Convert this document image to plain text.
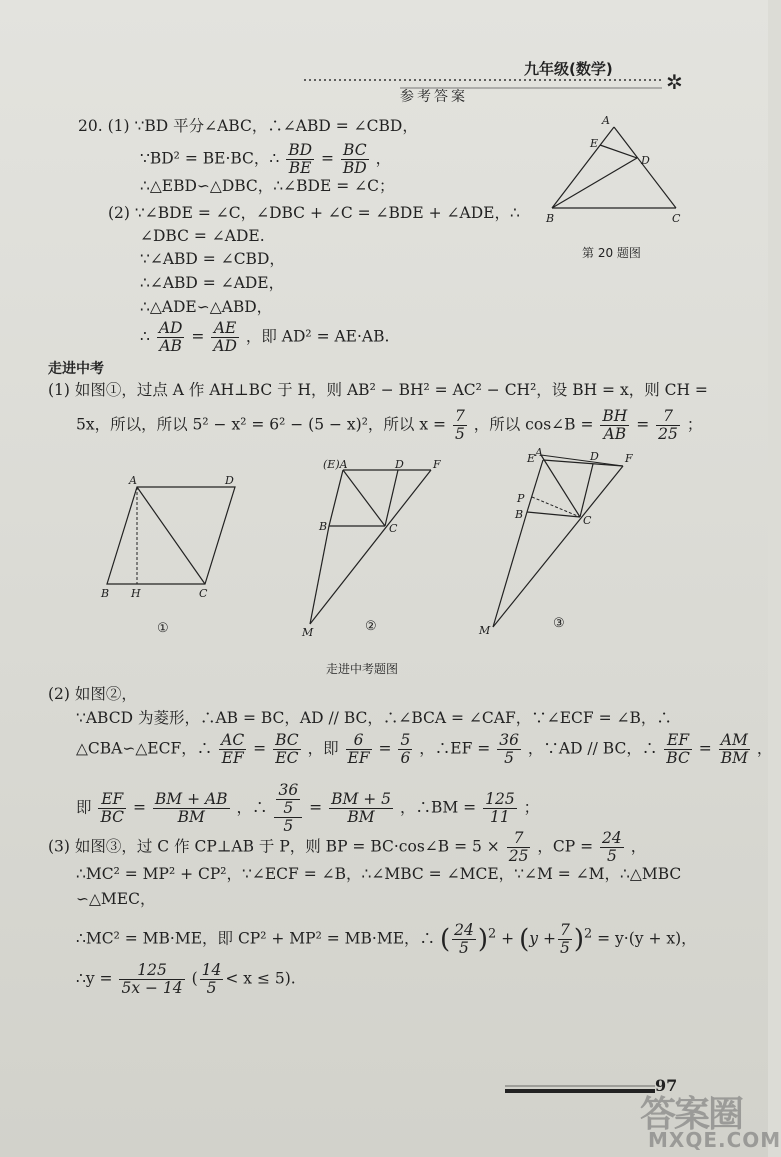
九年级(数学)
✲
参考答案
20. (1) ∵BD 平分∠ABC，∴∠ABD = ∠CBD，
∵BD² = BE·BC，∴ $\frac{BD}{BE} = \frac{BC}{BD}$ ，
∴△EBD∽△DBC，∴∠BDE = ∠C；
(2) ∵∠BDE = ∠C，∠DBC + ∠C = ∠BDE + ∠ADE，∴
∠DBC = ∠ADE.
∵∠ABD = ∠CBD，
∴∠ABD = ∠ADE，
∴△ADE∽△ABD，
∴ $\frac{AD}{AB} = \frac{AE}{AD}$ ，即 AD² = AE·AB.
A
E
D
B	C
第 20 题图
走进中考
(1) 如图①，过点 A 作 AH⊥BC 于 H，则 AB² − BH² = AC² − CH²，设 BH = x，则 CH =
5x，所以，所以 5² − x² = 6² − (5 − x)²，所以 $x = \frac{7}{5}$ ，所以 cos∠B = $\frac{BH}{AB} = \frac{7}{25}$ ；
A	D
B H	C
①
(E)A	D	F
B	C
M	②
E A	D F
P
B	C
M	③
走进中考题图
(2) 如图②，
∵ABCD 为菱形，∴AB = BC，AD // BC，∴∠BCA = ∠CAF，∵∠ECF = ∠B，∴
△CBA∽△ECF，∴ $\frac{AC}{EF} = \frac{BC}{EC}$ ，即 $\frac{6}{EF} = \frac{5}{6}$ ，∴EF = $\frac{36}{5}$ ，∵AD // BC，∴ $\frac{EF}{BC} = \frac{AM}{BM}$ ，
即 $\frac{EF}{BC} = \frac{BM + AB}{BM}$ ，∴ $\frac{\frac{36}{5}}{5} = \frac{BM + 5}{BM}$ ，∴BM = $\frac{125}{11}$ ；
(3) 如图③，过 C 作 CP⊥AB 于 P，则 BP = BC·cos∠B = $5 \times \frac{7}{25}$ ，CP = $\frac{24}{5}$ ，
∴MC² = MP² + CP²，∵∠ECF = ∠B，∴∠MBC = ∠MCE，∵∠M = ∠M，∴△MBC
∽△MEC，
∴MC² = MB·ME，即 CP² + MP² = MB·ME，∴ ( $\frac{24}{5} )^2 + (y + \frac{7}{5} )^2 = y\cdot(y + x)$，
∴y = $\frac{125}{5x - 14}$ ( $\frac{14}{5} < x \le 5$).
97
答案圈
MXQE.COM
